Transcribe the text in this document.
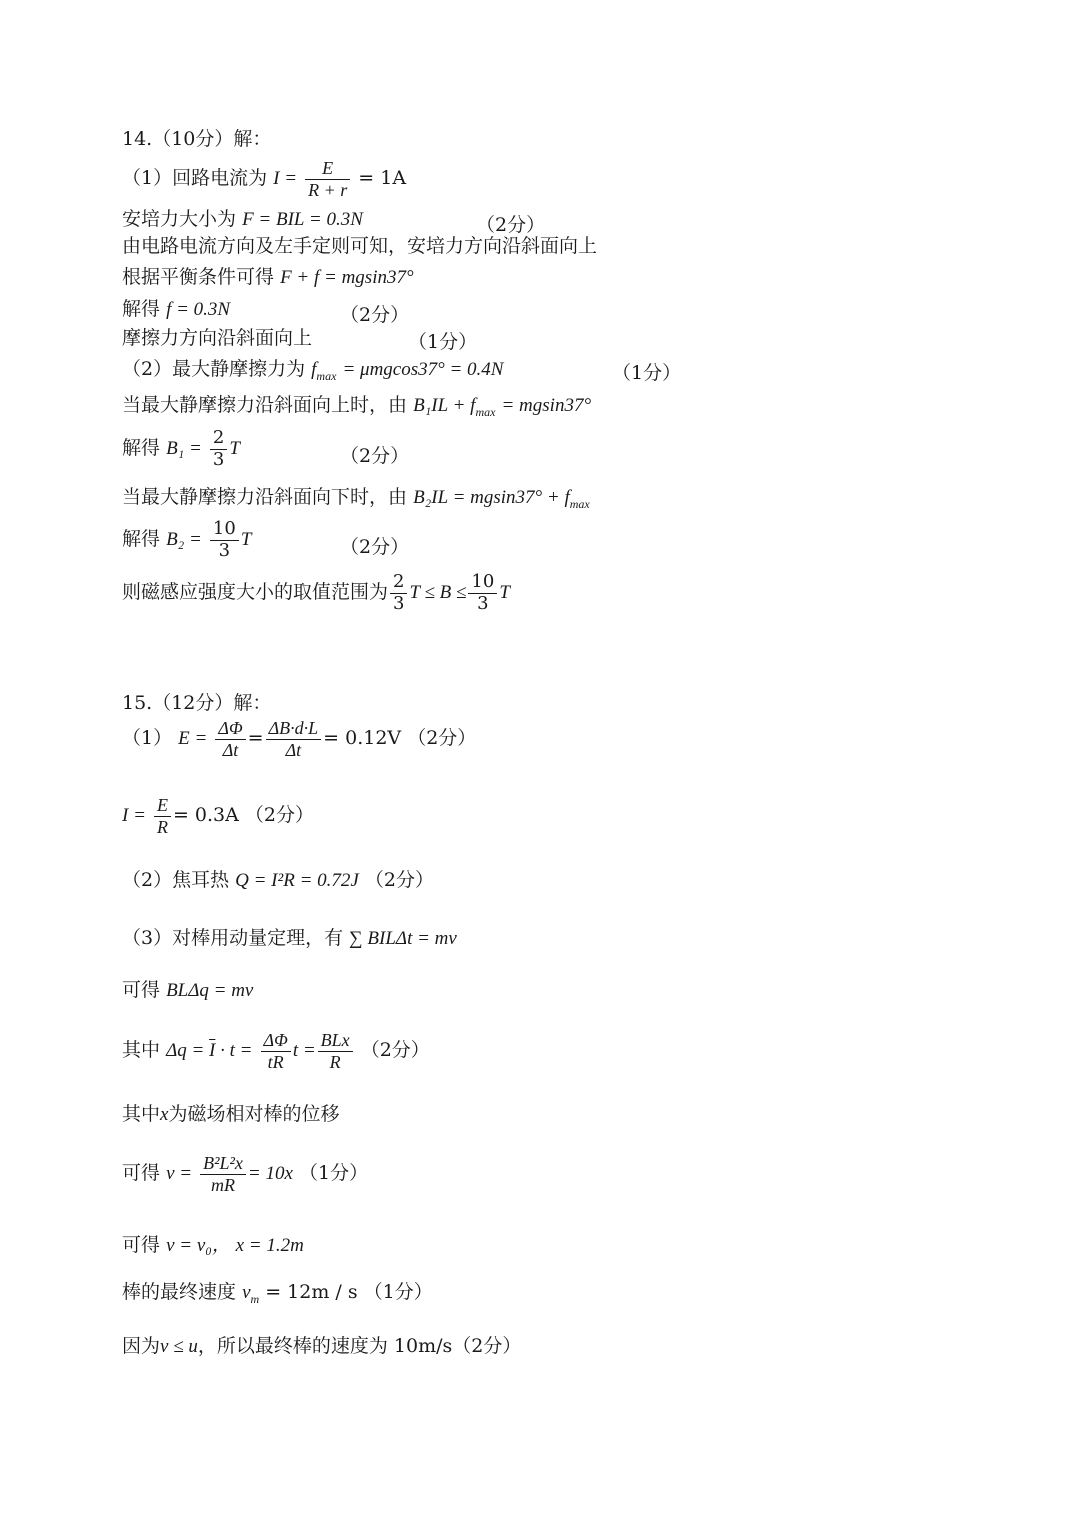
14.（10分）解：
（1）回路电流为 $I = \frac{E}{R + r} = 1A$
安培力大小为 F = BIL = 0.3N	（2分）
由电路电流方向及左手定则可知，安培力方向沿斜面向上
根据平衡条件可得 F + f = mgsin37°
解得 f = 0.3N	（2分）
摩擦力方向沿斜面向上	（1分）
（2）最大静摩擦力为 $f_{max} = \mu mgcos37^\circ = 0.4N$	（1分）
当最大静摩擦力沿斜面向上时，由 $B_1IL + f_{max} = mgsin37^\circ$
解得 $B_1 = \frac{2}{3}$ T	（2分）
当最大静摩擦力沿斜面向下时，由 $B_2IL = mgsin37^\circ + f_{max}$
解得 $B_2 = \frac{10}{3}$ T	（2分）
则磁感应强度大小的取值范围为 $\frac{2}{3}$ $T \le B \le \frac{10}{3}$ T
15.（12分）解：
（1） $E = \frac{\Delta\Phi}{\Delta t} = \frac{\Delta B\cdot d\cdot L}{\Delta t} = 0.12V$ （2分）
$I = \frac{E}{R} = 0.3A$ （2分）
（2）焦耳热 Q = I²R = 0.72J （2分）
（3）对棒用动量定理，有 ∑ BILΔt = mv
可得 BLΔq = mv
其中 $\Delta q = \overline{I} \cdot t = \frac{\Delta\Phi}{tR}$ $t = \frac{\text{BLx}}{R} (2$分）
其中x为磁场相对棒的位移
可得 $v = \frac{\text{B²L²x}}{mR} = 10x$ （1分）
可得 v = v₀， x = 1.2m
棒的最终速度 $v_m = 12m / s$ （1分）
因为v ≤ u，所以最终棒的速度为 10m/s（2分）
